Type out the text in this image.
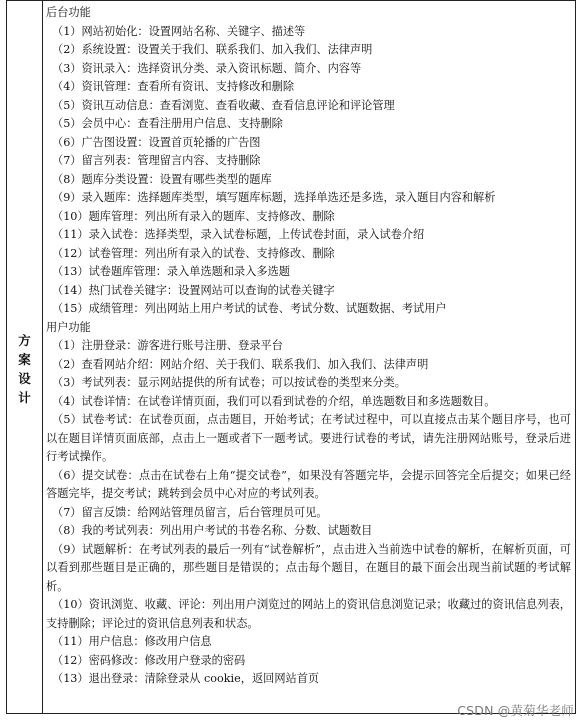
方案设计
后台功能
（1）网站初始化：设置网站名称、关键字、描述等
（2）系统设置：设置关于我们、联系我们、加入我们、法律声明
（3）资讯录入：选择资讯分类、录入资讯标题、简介、内容等
（4）资讯管理：查看所有资讯、支持修改和删除
（5）资讯互动信息：查看浏览、查看收藏、查看信息评论和评论管理
（5）会员中心：查看注册用户信息、支持删除
（6）广告图设置：设置首页轮播的广告图
（7）留言列表：管理留言内容、支持删除
（8）题库分类设置：设置有哪些类型的题库
（9）录入题库：选择题库类型，填写题库标题，选择单选还是多选，录入题目内容和解析
（10）题库管理：列出所有录入的题库、支持修改、删除
（11）录入试卷：选择类型，录入试卷标题，上传试卷封面，录入试卷介绍
（12）试卷管理：列出所有录入的试卷、支持修改、删除
（13）试卷题库管理：录入单选题和录入多选题
（14）热门试卷关键字：设置网站可以查询的试卷关键字
（15）成绩管理：列出网站上用户考试的试卷、考试分数、试题数据、考试用户
用户功能
（1）注册登录：游客进行账号注册、登录平台
（2）查看网站介绍：网站介绍、关于我们、联系我们、加入我们、法律声明
（3）考试列表：显示网站提供的所有试卷；可以按试卷的类型来分类。
（4）试卷详情：在试卷详情页面，我们可以看到试卷的介绍，单选题数目和多选题数目。
（5）试卷考试：在试卷页面，点击题目，开始考试；在考试过程中，可以直接点击某个题目序号，也可以在题目详情页面底部，点击上一题或者下一题考试。要进行试卷的考试，请先注册网站账号，登录后进行考试操作。
（6）提交试卷：点击在试卷右上角“提交试卷”，如果没有答题完毕，会提示回答完全后提交；如果已经答题完毕，提交考试；跳转到会员中心对应的考试列表。
（7）留言反馈：给网站管理员留言，后台管理员可见。
（8）我的考试列表：列出用户考试的书卷名称、分数、试题数目
（9）试题解析：在考试列表的最后一列有“试卷解析”，点击进入当前选中试卷的解析，在解析页面，可以看到那些题目是正确的，那些题目是错误的；点击每个题目，在题目的最下面会出现当前试题的考试解析。
（10）资讯浏览、收藏、评论：列出用户浏览过的网站上的资讯信息浏览记录；收藏过的资讯信息列表，支持删除；评论过的资讯信息列表和状态。
（11）用户信息：修改用户信息
（12）密码修改：修改用户登录的密码
（13）退出登录：清除登录从 cookie，返回网站首页
CSDN @黄菊华老师
